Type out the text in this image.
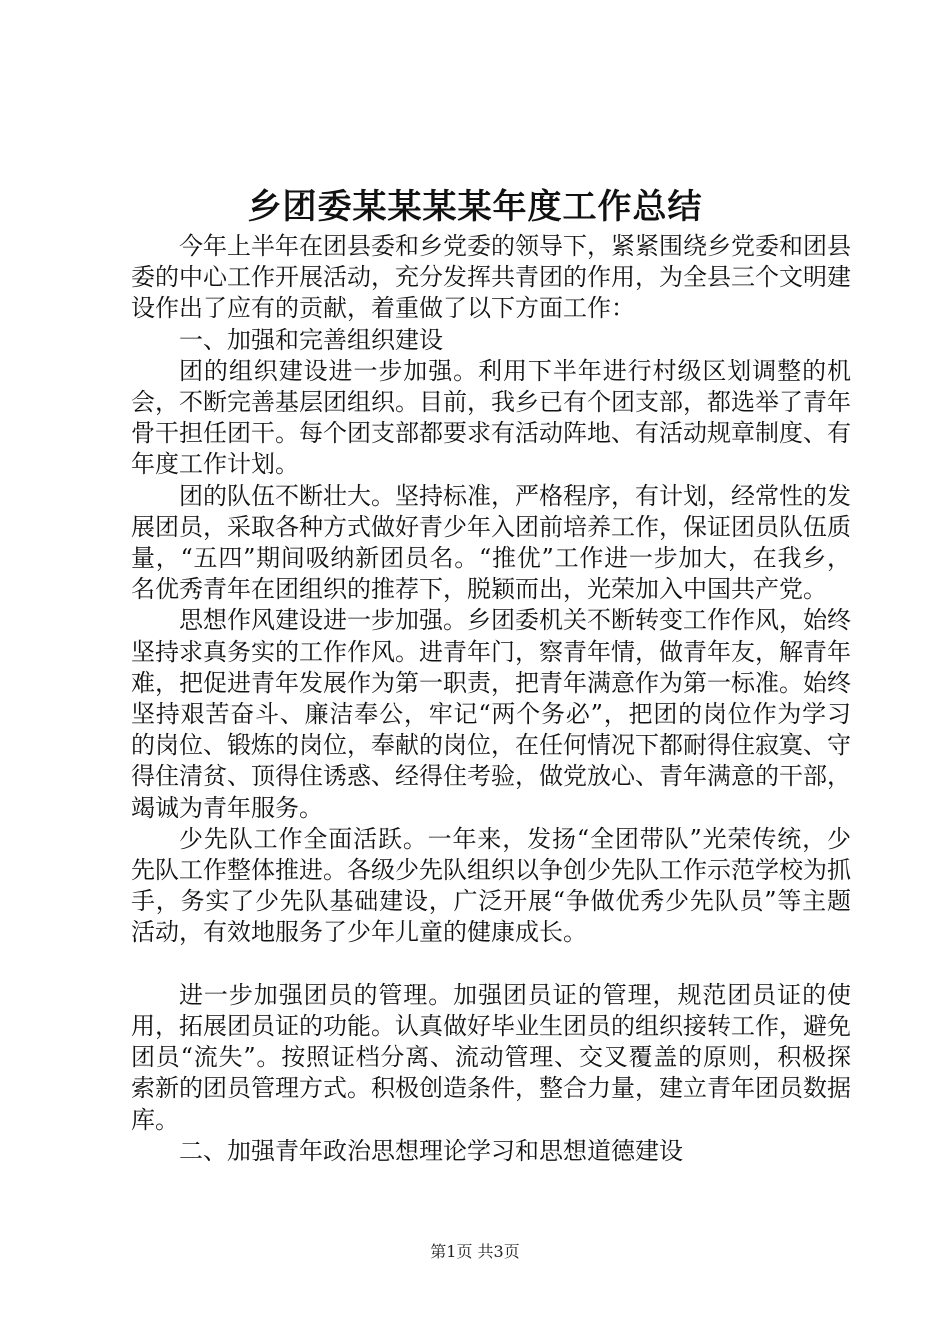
乡团委某某某某年度工作总结

今年上半年在团县委和乡党委的领导下，紧紧围绕乡党委和团县委的中心工作开展活动，充分发挥共青团的作用，为全县三个文明建设作出了应有的贡献，着重做了以下方面工作：

一、加强和完善组织建设

团的组织建设进一步加强。利用下半年进行村级区划调整的机会，不断完善基层团组织。目前，我乡已有个团支部，都选举了青年骨干担任团干。每个团支部都要求有活动阵地、有活动规章制度、有年度工作计划。

团的队伍不断壮大。坚持标准，严格程序，有计划，经常性的发展团员，采取各种方式做好青少年入团前培养工作，保证团员队伍质量，“五四”期间吸纳新团员名。“推优”工作进一步加大，在我乡，名优秀青年在团组织的推荐下，脱颖而出，光荣加入中国共产党。

思想作风建设进一步加强。乡团委机关不断转变工作作风，始终坚持求真务实的工作作风。进青年门，察青年情，做青年友，解青年难，把促进青年发展作为第一职责，把青年满意作为第一标准。始终坚持艰苦奋斗、廉洁奉公，牢记“两个务必”，把团的岗位作为学习的岗位、锻炼的岗位，奉献的岗位，在任何情况下都耐得住寂寞、守得住清贫、顶得住诱惑、经得住考验，做党放心、青年满意的干部，竭诚为青年服务。

少先队工作全面活跃。一年来，发扬“全团带队”光荣传统，少先队工作整体推进。各级少先队组织以争创少先队工作示范学校为抓手，务实了少先队基础建设，广泛开展“争做优秀少先队员”等主题活动，有效地服务了少年儿童的健康成长。

进一步加强团员的管理。加强团员证的管理，规范团员证的使用，拓展团员证的功能。认真做好毕业生团员的组织接转工作，避免团员“流失”。按照证档分离、流动管理、交叉覆盖的原则，积极探索新的团员管理方式。积极创造条件，整合力量，建立青年团员数据库。

二、加强青年政治思想理论学习和思想道德建设

第1页 共3页
